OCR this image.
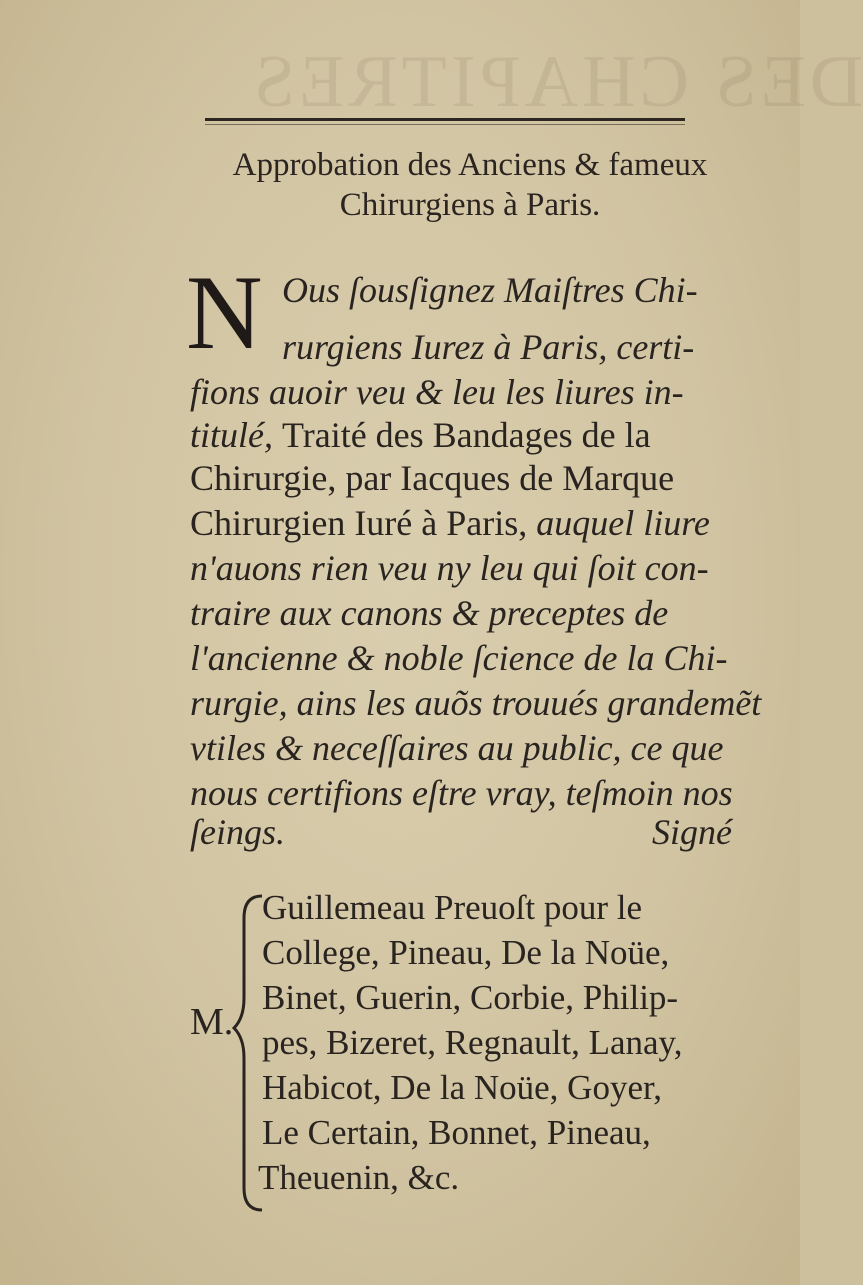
DES CHAPITRES
Approbation des Anciens & fameux
Chirurgiens à Paris.
N Ous ſousſignez Maiſtres Chi-
rurgiens Iurez à Paris, certi-
fions auoir veu & leu les liures in-
titulé, Traité des Bandages de la
Chirurgie, par Iacques de Marque
Chirurgien Iuré à Paris, auquel liure
n'auons rien veu ny leu qui ſoit con-
traire aux canons & preceptes de
l'ancienne & noble ſcience de la Chi-
rurgie, ains les auõs trouués grandemẽt
vtiles & neceſſaires au public, ce que
nous certifions eſtre vray, teſmoin nos
ſeings.	Signé
M.
Guillemeau Preuoſt pour le
College, Pineau, De la Noüe,
Binet, Guerin, Corbie, Philip-
pes, Bizeret, Regnault, Lanay,
Habicot, De la Noüe, Goyer,
Le Certain, Bonnet, Pineau,
Theuenin, &c.
